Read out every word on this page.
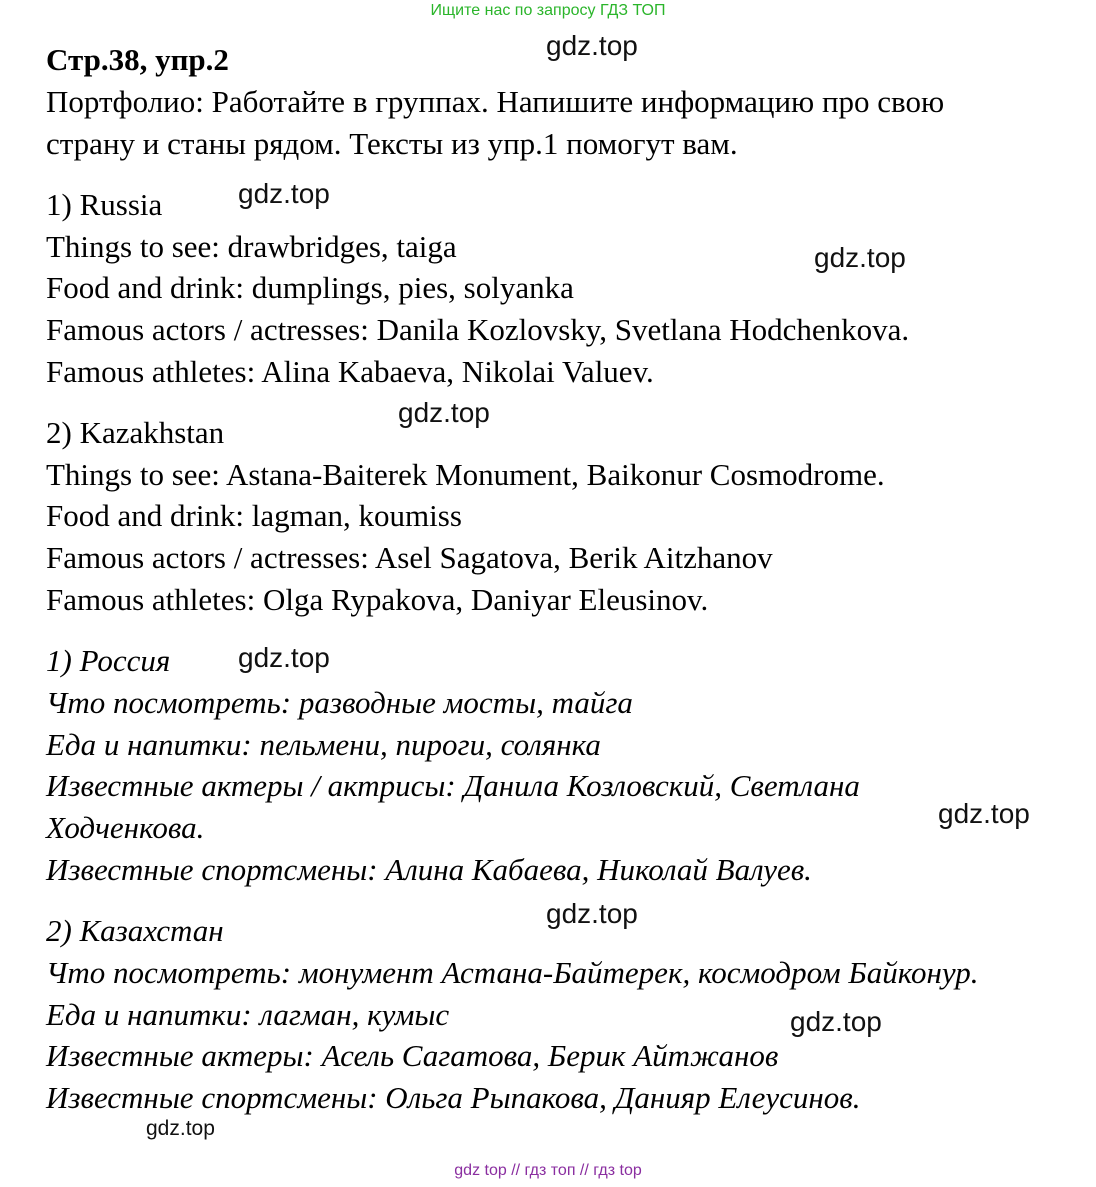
Ищите нас по запросу ГДЗ ТОП
Стр.38, упр.2
Портфолио: Работайте в группах. Напишите информацию про свою
страну и станы рядом. Тексты из упр.1 помогут вам.
1) Russia
Things to see: drawbridges, taiga
Food and drink: dumplings, pies, solyanka
Famous actors / actresses: Danila Kozlovsky, Svetlana Hodchenkova.
Famous athletes: Alina Kabaeva, Nikolai Valuev.
2) Kazakhstan
Things to see: Astana-Baiterek Monument, Baikonur Cosmodrome.
Food and drink: lagman, koumiss
Famous actors / actresses: Asel Sagatova, Berik Aitzhanov
Famous athletes: Olga Rypakova, Daniyar Eleusinov.
1) Россия
Что посмотреть: разводные мосты, тайга
Еда и напитки: пельмени, пироги, солянка
Известные актеры / актрисы: Данила Козловский, Светлана
Ходченкова.
Известные спортсмены: Алина Кабаева, Николай Валуев.
2) Казахстан
Что посмотреть: монумент Астана-Байтерек, космодром Байконур.
Еда и напитки: лагман, кумыс
Известные актеры: Асель Сагатова, Берик Айтжанов
Известные спортсмены: Ольга Рыпакова, Данияр Елеусинов.
gdz.top
gdz.top
gdz.top
gdz.top
gdz.top
gdz.top
gdz.top
gdz.top
gdz.top
gdz top // гдз топ // гдз top
